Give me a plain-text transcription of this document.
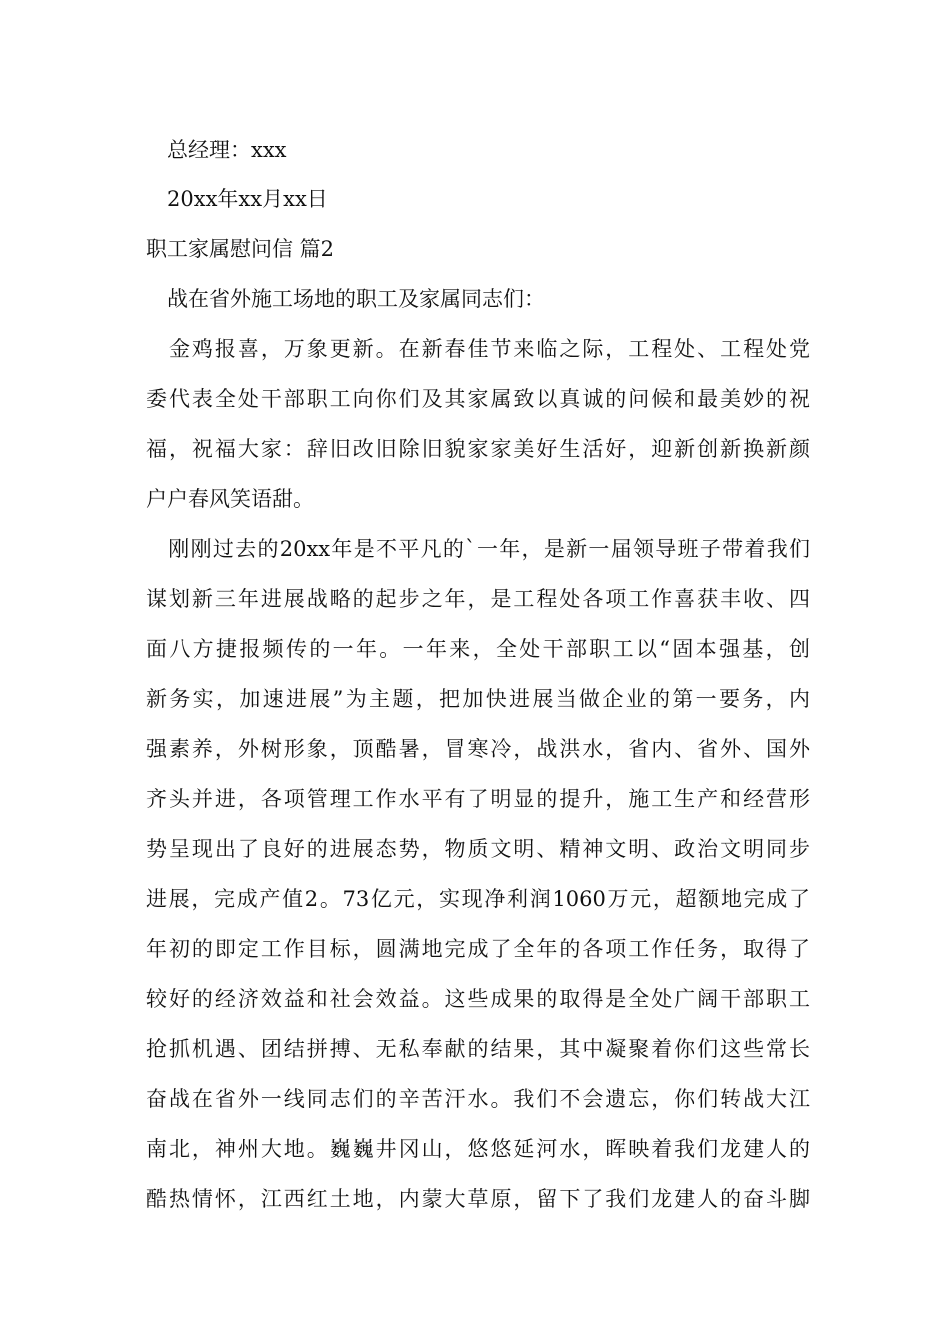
　总经理：xxx
　20xx年xx月xx日
职工家属慰问信 篇2
　战在省外施工场地的职工及家属同志们：
　金鸡报喜，万象更新。在新春佳节来临之际，工程处、工程处党
委代表全处干部职工向你们及其家属致以真诚的问候和最美妙的祝
福，祝福大家：辞旧改旧除旧貌家家美好生活好，迎新创新换新颜
户户春风笑语甜。
　刚刚过去的20xx年是不平凡的`一年，是新一届领导班子带着我们
谋划新三年进展战略的起步之年，是工程处各项工作喜获丰收、四
面八方捷报频传的一年。一年来，全处干部职工以“固本强基，创
新务实，加速进展”为主题，把加快进展当做企业的第一要务，内
强素养，外树形象，顶酷暑，冒寒冷，战洪水，省内、省外、国外
齐头并进，各项管理工作水平有了明显的提升，施工生产和经营形
势呈现出了良好的进展态势，物质文明、精神文明、政治文明同步
进展，完成产值2。73亿元，实现净利润1060万元，超额地完成了
年初的即定工作目标，圆满地完成了全年的各项工作任务，取得了
较好的经济效益和社会效益。这些成果的取得是全处广阔干部职工
抢抓机遇、团结拼搏、无私奉献的结果，其中凝聚着你们这些常长
奋战在省外一线同志们的辛苦汗水。我们不会遗忘，你们转战大江
南北，神州大地。巍巍井冈山，悠悠延河水，晖映着我们龙建人的
酷热情怀，江西红土地，内蒙大草原，留下了我们龙建人的奋斗脚
